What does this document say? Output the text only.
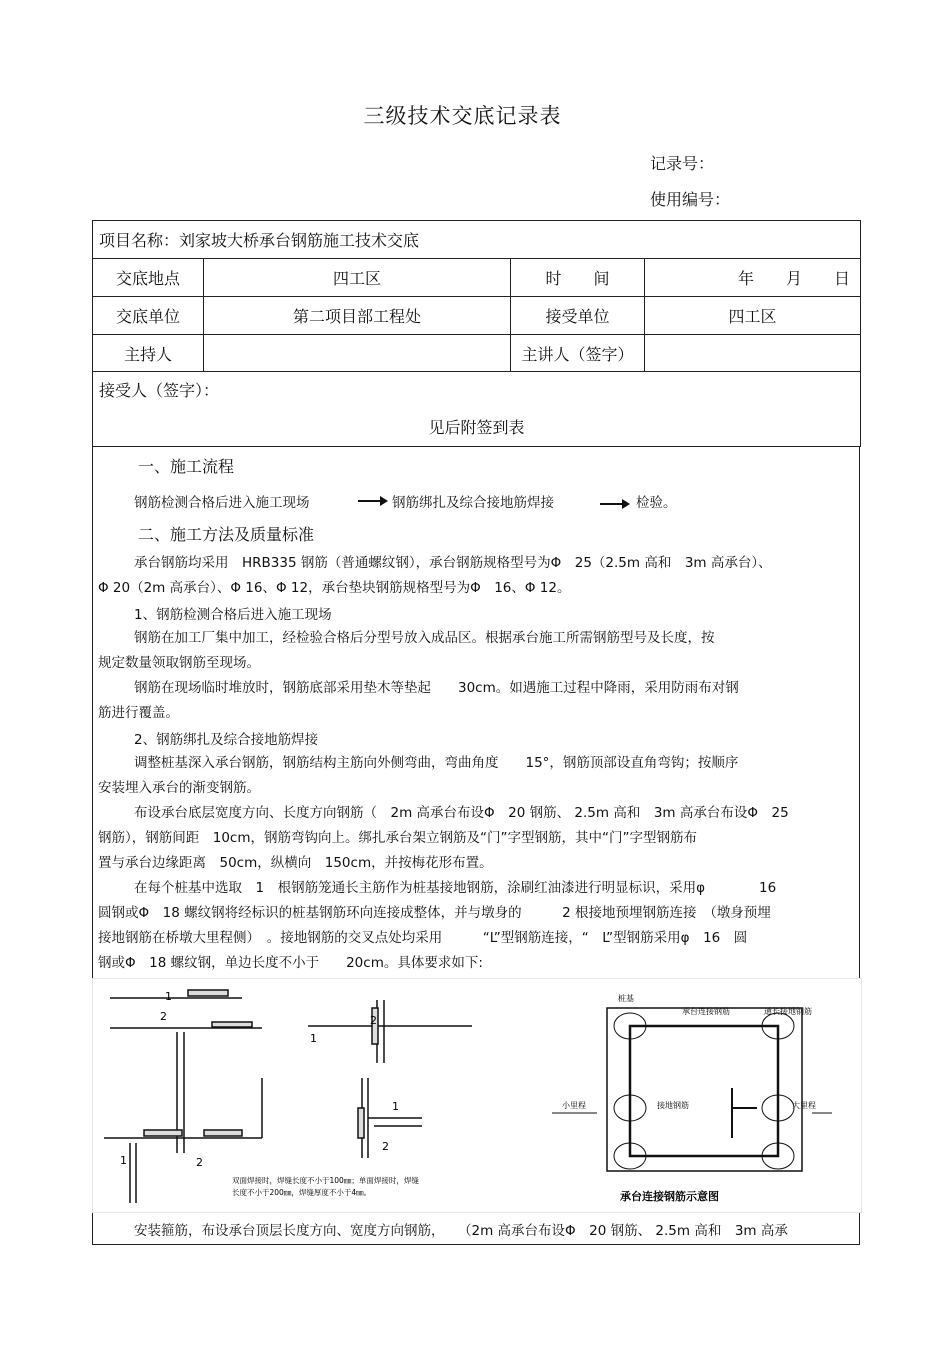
三级技术交底记录表
记录号：
使用编号：
项目名称：刘家坡大桥承台钢筋施工技术交底			
交底地点	四工区	时　　间	年 月 日

交底单位	第二项目部工程处	接受单位	四工区
主持人		主讲人（签字）	

接受人（签字）：
见后附签到表			
一、施工流程
钢筋检测合格后进入施工现场	钢筋绑扎及综合接地筋焊接	检验。
二、施工方法及质量标准
承台钢筋均采用　HRB335 钢筋（普通螺纹钢），承台钢筋规格型号为Φ　25（2.5m 高和　3m 高承台）、
Φ 20（2m 高承台）、Φ 16、Φ 12，承台垫块钢筋规格型号为Φ　16、Φ 12。
1、钢筋检测合格后进入施工现场
钢筋在加工厂集中加工，经检验合格后分型号放入成品区。根据承台施工所需钢筋型号及长度，按
规定数量领取钢筋至现场。
钢筋在现场临时堆放时，钢筋底部采用垫木等垫起　　30cm。如遇施工过程中降雨，采用防雨布对钢
筋进行覆盖。
2、钢筋绑扎及综合接地筋焊接
调整桩基深入承台钢筋，钢筋结构主筋向外侧弯曲，弯曲角度　　15°，钢筋顶部设直角弯钩；按顺序
安装埋入承台的渐变钢筋。
布设承台底层宽度方向、长度方向钢筋（　2m 高承台布设Φ　20 钢筋、 2.5m 高和　3m 高承台布设Φ　25
钢筋），钢筋间距　10cm，钢筋弯钩向上。绑扎承台架立钢筋及“门”字型钢筋，其中“门”字型钢筋布
置与承台边缘距离　50cm，纵横向　150cm，并按梅花形布置。
在每个桩基中选取　1　根钢筋笼通长主筋作为桩基接地钢筋，涂刷红油漆进行明显标识，采用φ　　　　16
圆钢或Φ　18 螺纹钢将经标识的桩基钢筋环向连接成整体，并与墩身的　　　2 根接地预埋钢筋连接　（墩身预埋
接地钢筋在桥墩大里程侧）　。接地钢筋的交叉点处均采用　　　“L”型钢筋连接，“　L”型钢筋采用φ　16　圆
钢或Φ　18 螺纹钢，单边长度不小于　　20cm。具体要求如下:
1
2
1
2
1	2
双面焊接时，焊缝长度不小于100㎜；单面焊接时，焊缝
长度不小于200㎜，焊缝厚度不小于4㎜。
1
2
桩基
承台连接钢筋	通长接地钢筋
接地钢筋
小里程	大里程
承台连接钢筋示意图
安装箍筋，布设承台顶层长度方向、宽度方向钢筋，　　（2m 高承台布设Φ　20 钢筋、 2.5m 高和　3m 高承
